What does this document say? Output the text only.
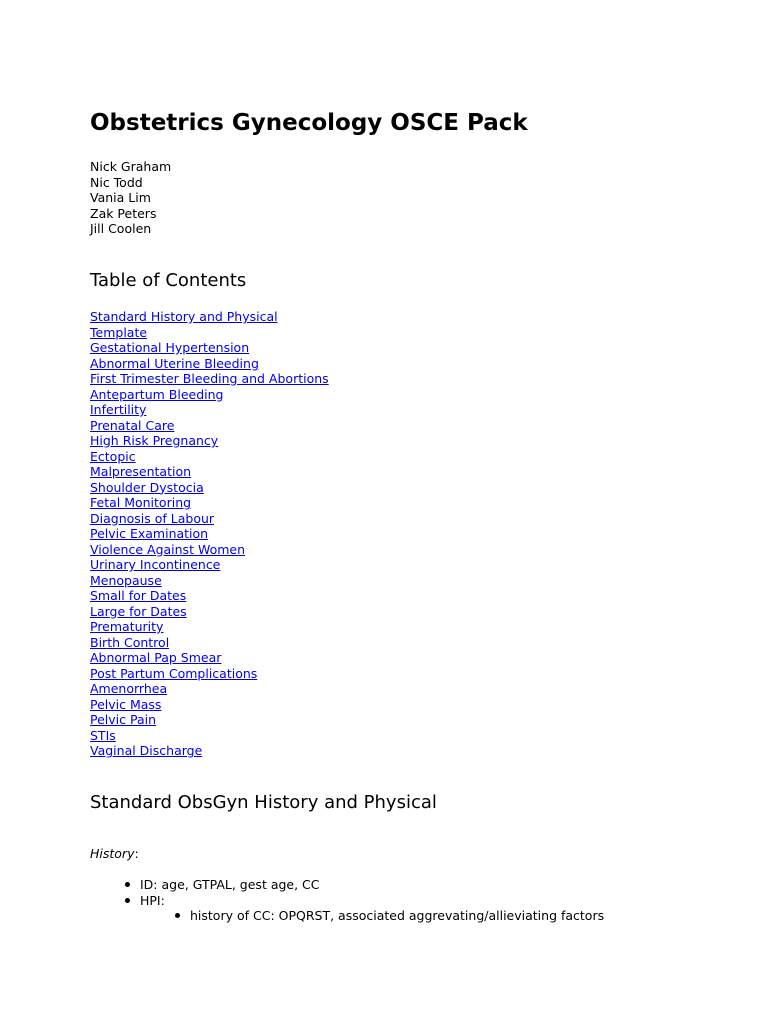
Obstetrics Gynecology OSCE Pack
Nick Graham
Nic Todd
Vania Lim
Zak Peters
Jill Coolen
Table of Contents
Standard History and Physical
Template
Gestational Hypertension
Abnormal Uterine Bleeding
First Trimester Bleeding and Abortions
Antepartum Bleeding
Infertility
Prenatal Care
High Risk Pregnancy
Ectopic
Malpresentation
Shoulder Dystocia
Fetal Monitoring
Diagnosis of Labour
Pelvic Examination
Violence Against Women
Urinary Incontinence
Menopause
Small for Dates
Large for Dates
Prematurity
Birth Control
Abnormal Pap Smear
Post Partum Complications
Amenorrhea
Pelvic Mass
Pelvic Pain
STIs
Vaginal Discharge
Standard ObsGyn History and Physical

History:

ID: age, GTPAL, gest age, CC
HPI:
history of CC: OPQRST, associated aggrevating/allieviating factors
